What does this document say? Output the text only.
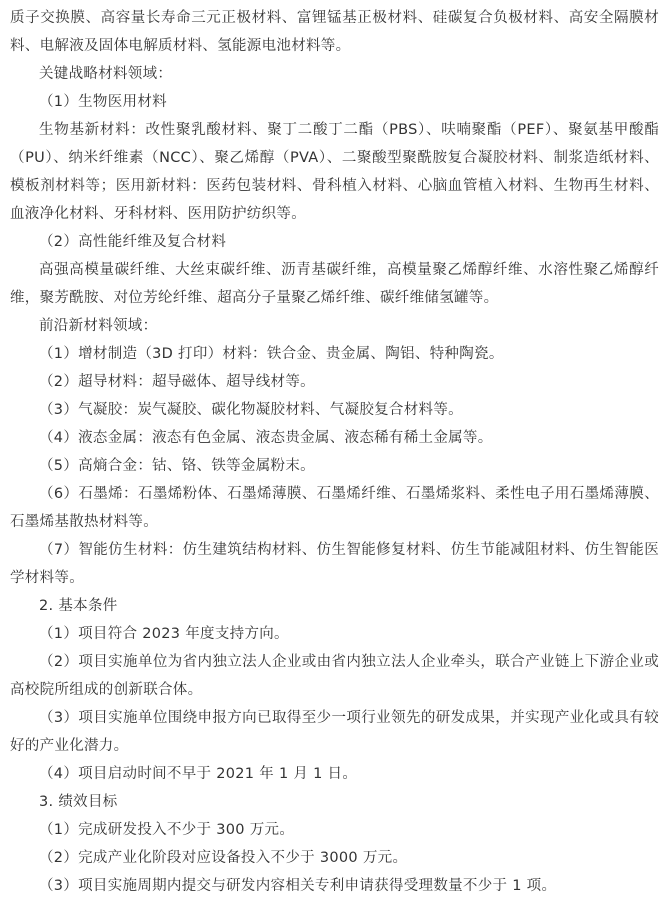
质子交换膜、高容量长寿命三元正极材料、富锂锰基正极材料、硅碳复合负极材料、高安全隔膜材料、电解液及固体电解质材料、氢能源电池材料等。

关键战略材料领域：

（1）生物医用材料

生物基新材料：改性聚乳酸材料、聚丁二酸丁二酯（PBS）、呋喃聚酯（PEF）、聚氨基甲酸酯（PU）、纳米纤维素（NCC）、聚乙烯醇（PVA）、二聚酸型聚酰胺复合凝胶材料、制浆造纸材料、模板剂材料等；医用新材料：医药包装材料、骨科植入材料、心脑血管植入材料、生物再生材料、血液净化材料、牙科材料、医用防护纺织等。

（2）高性能纤维及复合材料

高强高模量碳纤维、大丝束碳纤维、沥青基碳纤维，高模量聚乙烯醇纤维、水溶性聚乙烯醇纤维，聚芳酰胺、对位芳纶纤维、超高分子量聚乙烯纤维、碳纤维储氢罐等。

前沿新材料领域：

（1）增材制造（3D 打印）材料：铁合金、贵金属、陶铝、特种陶瓷。

（2）超导材料：超导磁体、超导线材等。

（3）气凝胶：炭气凝胶、碳化物凝胶材料、气凝胶复合材料等。

（4）液态金属：液态有色金属、液态贵金属、液态稀有稀土金属等。

（5）高熵合金：钴、铬、铁等金属粉末。

（6）石墨烯：石墨烯粉体、石墨烯薄膜、石墨烯纤维、石墨烯浆料、柔性电子用石墨烯薄膜、石墨烯基散热材料等。

（7）智能仿生材料：仿生建筑结构材料、仿生智能修复材料、仿生节能减阻材料、仿生智能医学材料等。

2. 基本条件

（1）项目符合 2023 年度支持方向。

（2）项目实施单位为省内独立法人企业或由省内独立法人企业牵头，联合产业链上下游企业或高校院所组成的创新联合体。

（3）项目实施单位围绕申报方向已取得至少一项行业领先的研发成果，并实现产业化或具有较好的产业化潜力。

（4）项目启动时间不早于 2021 年 1 月 1 日。

3. 绩效目标

（1）完成研发投入不少于 300 万元。

（2）完成产业化阶段对应设备投入不少于 3000 万元。

（3）项目实施周期内提交与研发内容相关专利申请获得受理数量不少于 1 项。
